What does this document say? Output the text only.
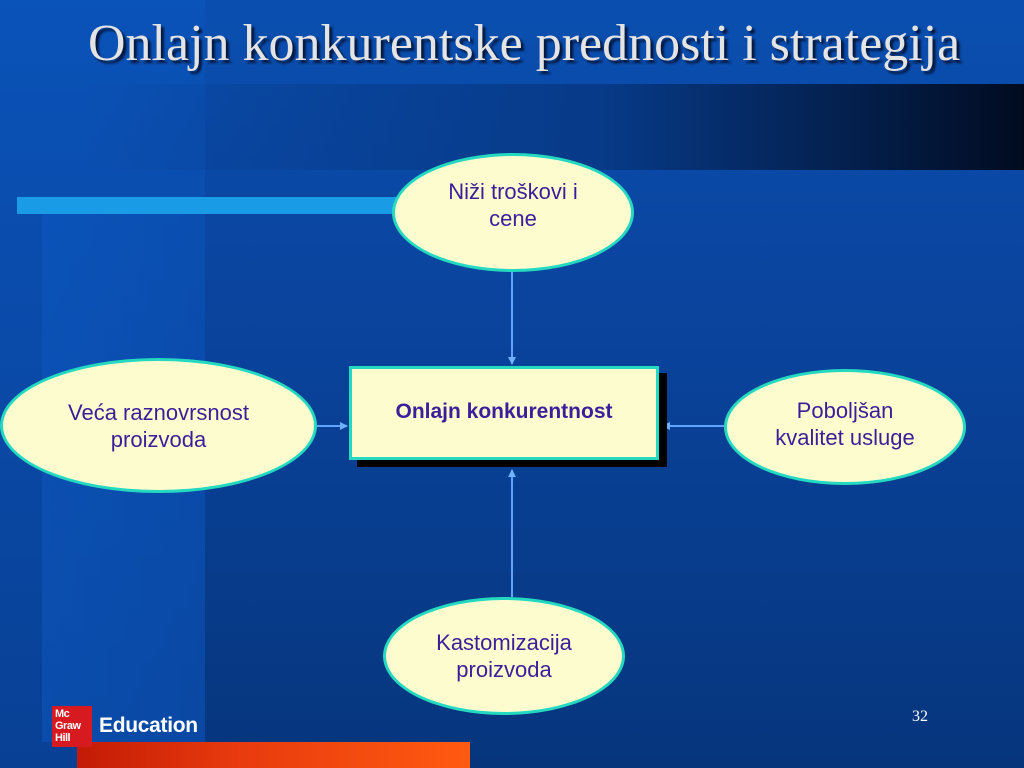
Onlajn konkurentske prednosti i strategija
Niži troškovi i
cene
Veća raznovrsnost
proizvoda
Poboljšan
kvalitet usluge
Kastomizacija
proizvoda
Onlajn konkurentnost
Mc
Graw
Hill
Education	32
